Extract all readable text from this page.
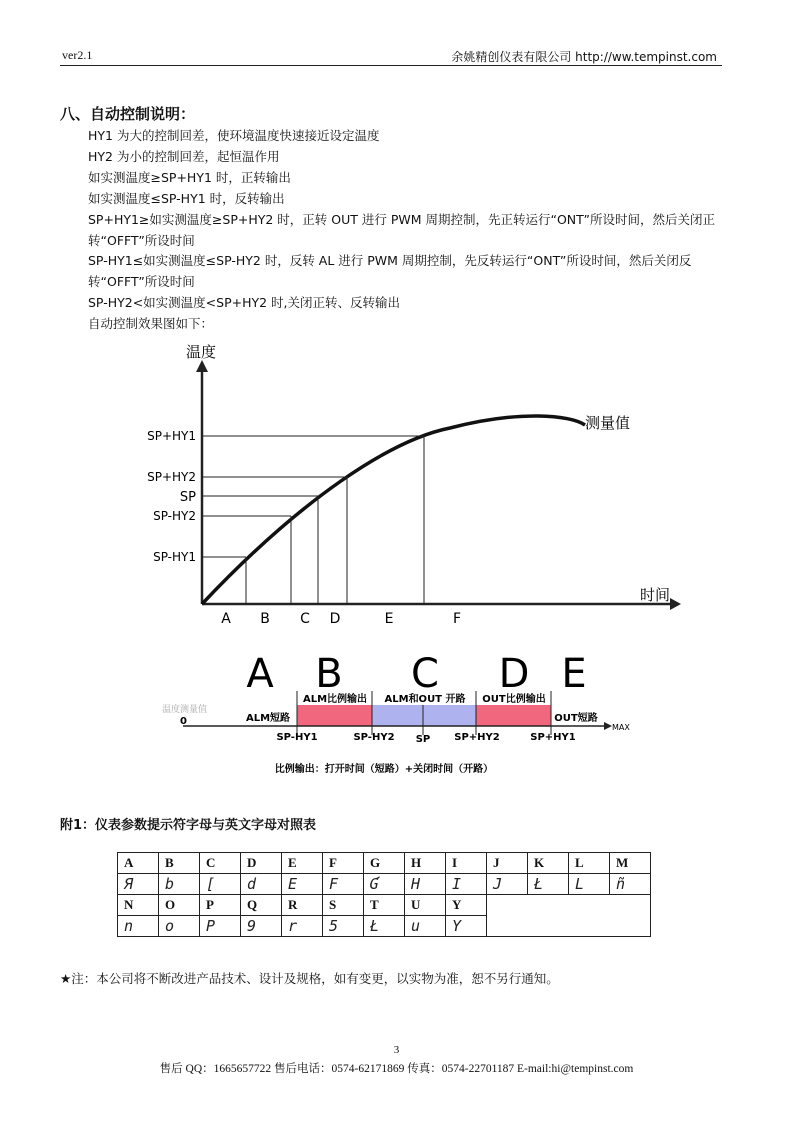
ver2.1	余姚精创仪表有限公司 http://ww.tempinst.com
八、自动控制说明：
HY1 为大的控制回差，使环境温度快速接近设定温度
HY2 为小的控制回差，起恒温作用
如实测温度≥SP+HY1 时，正转输出
如实测温度≤SP-HY1 时，反转输出
SP+HY1≥如实测温度≥SP+HY2 时，正转 OUT 进行 PWM 周期控制，先正转运行“ONT”所设时间，然后关闭正转“OFFT”所设时间
SP-HY1≤如实测温度≤SP-HY2 时，反转 AL 进行 PWM 周期控制，先反转运行“ONT”所设时间，然后关闭反转“OFFT”所设时间
SP-HY2<如实测温度<SP+HY2 时,关闭正转、反转输出
自动控制效果图如下：
温度
时间
测量值
SP+HY1
SP+HY2
SP
SP-HY2
SP-HY1
A B C D	E	F
A B C D E
温度测量值
0	ALM短路
ALM比例输出 ALM和OUT 开路 OUT比例输出
OUT短路
SP-HY1	SP-HY2 SP SP+HY2	SP+HY1
MAX
比例输出：打开时间（短路）+关闭时间（开路）
附1：仪表参数提示符字母与英文字母对照表
A	B	C	D	E	F	G	H	I	J	K	L	M
Я	b	[	d	E	F	Ɠ	H	I	J	Ł	L	ñ
N	O	P	Q	R	S	T	U	Y				
n	o	P	9	r	5	Ł	u	Y				
★注：本公司将不断改进产品技术、设计及规格，如有变更，以实物为准，恕不另行通知。
3
售后 QQ：1665657722 售后电话：0574-62171869 传真：0574-22701187 E-mail:hi@tempinst.com
